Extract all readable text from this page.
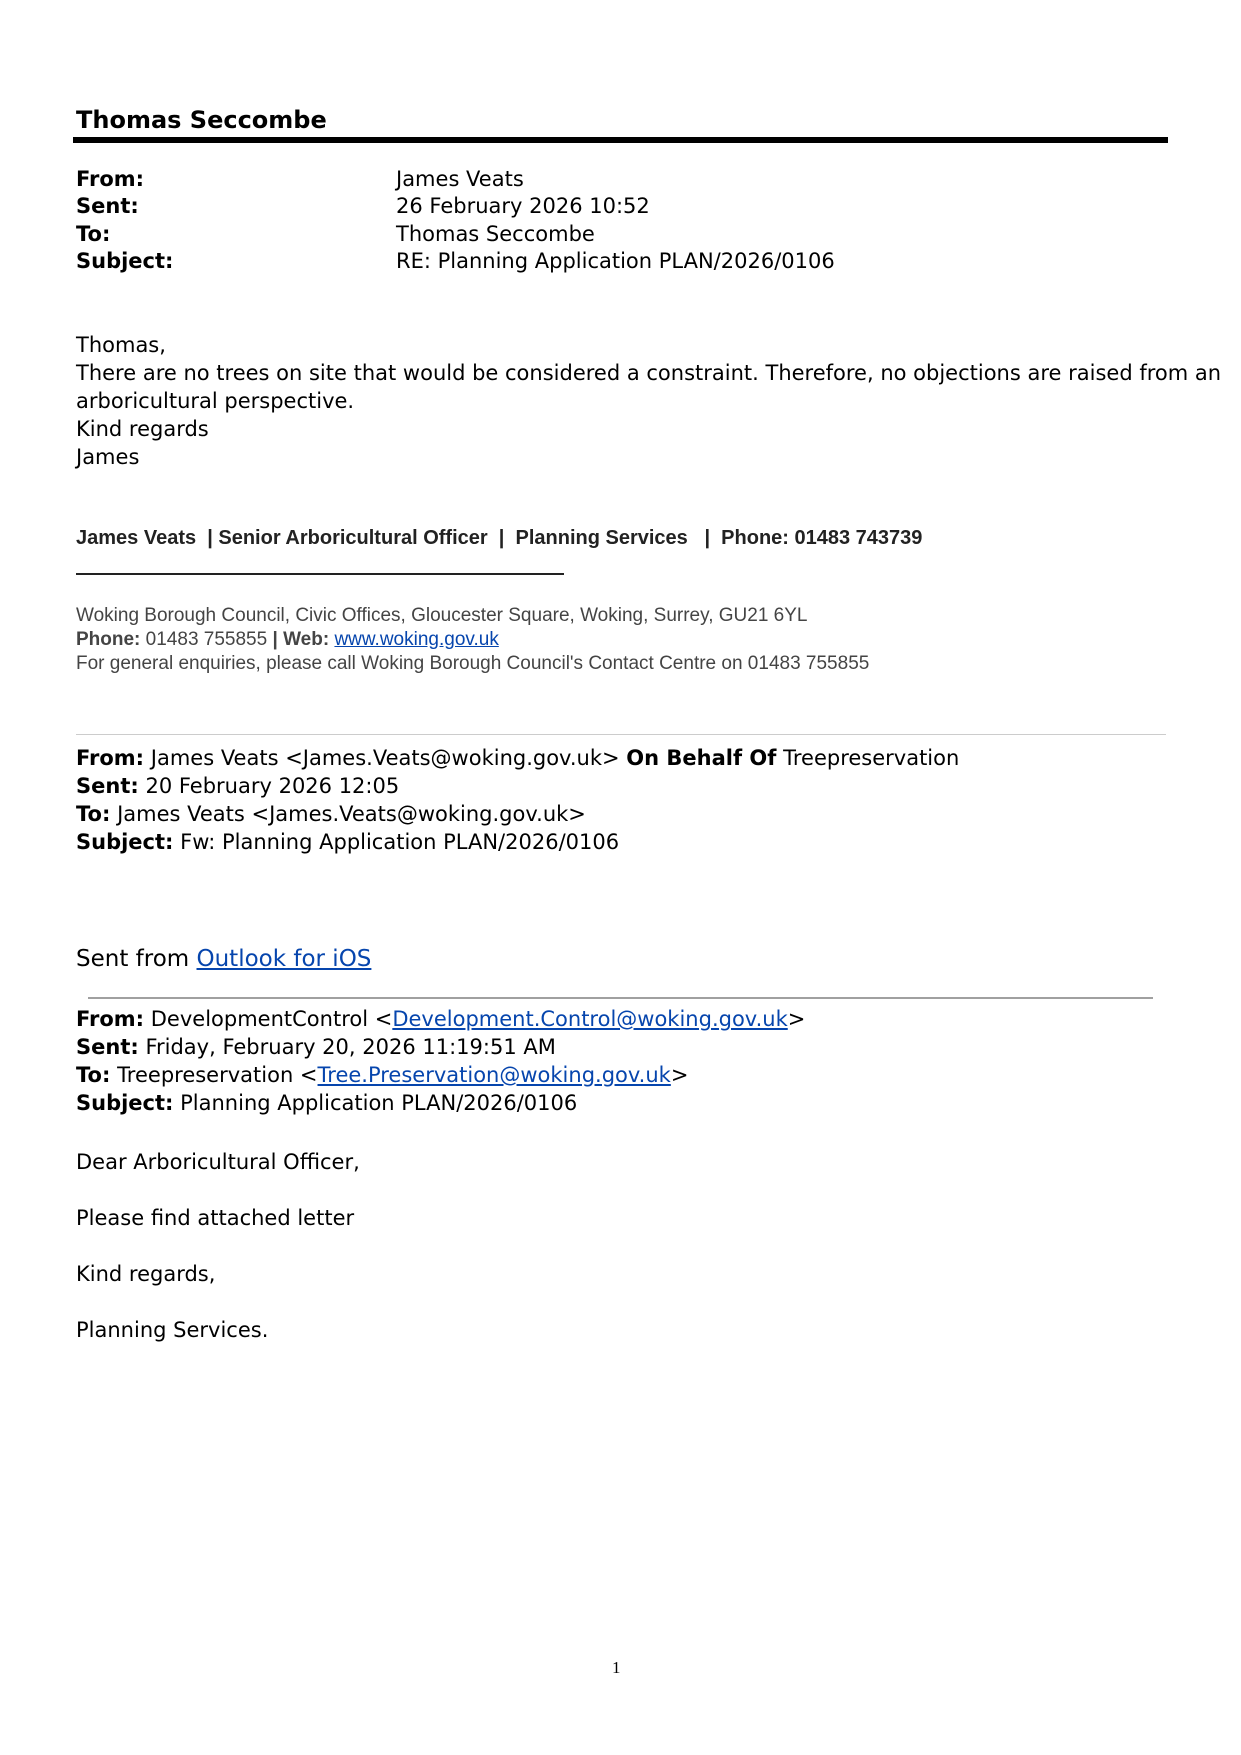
Thomas Seccombe
From:	James Veats
Sent:	26 February 2026 10:52
To:	Thomas Seccombe
Subject:	RE: Planning Application PLAN/2026/0106

Thomas,

There are no trees on site that would be considered a constraint. Therefore, no objections are raised from an

arboricultural perspective.

Kind regards

James

James Veats  | Senior Arboricultural Officer  |  Planning Services   |  Phone: 01483 743739

Woking Borough Council, Civic Offices, Gloucester Square, Woking, Surrey, GU21 6YL

Phone: 01483 755855 | Web: www.woking.gov.uk

For general enquiries, please call Woking Borough Council's Contact Centre on 01483 755855

From: James Veats <James.Veats@woking.gov.uk> On Behalf Of Treepreservation

Sent: 20 February 2026 12:05

To: James Veats <James.Veats@woking.gov.uk>

Subject: Fw: Planning Application PLAN/2026/0106

Sent from Outlook for iOS

From: DevelopmentControl <Development.Control@woking.gov.uk>

Sent: Friday, February 20, 2026 11:19:51 AM

To: Treepreservation <Tree.Preservation@woking.gov.uk>

Subject: Planning Application PLAN/2026/0106

Dear Arboricultural Officer,

Please find attached letter

Kind regards,

Planning Services.

1
